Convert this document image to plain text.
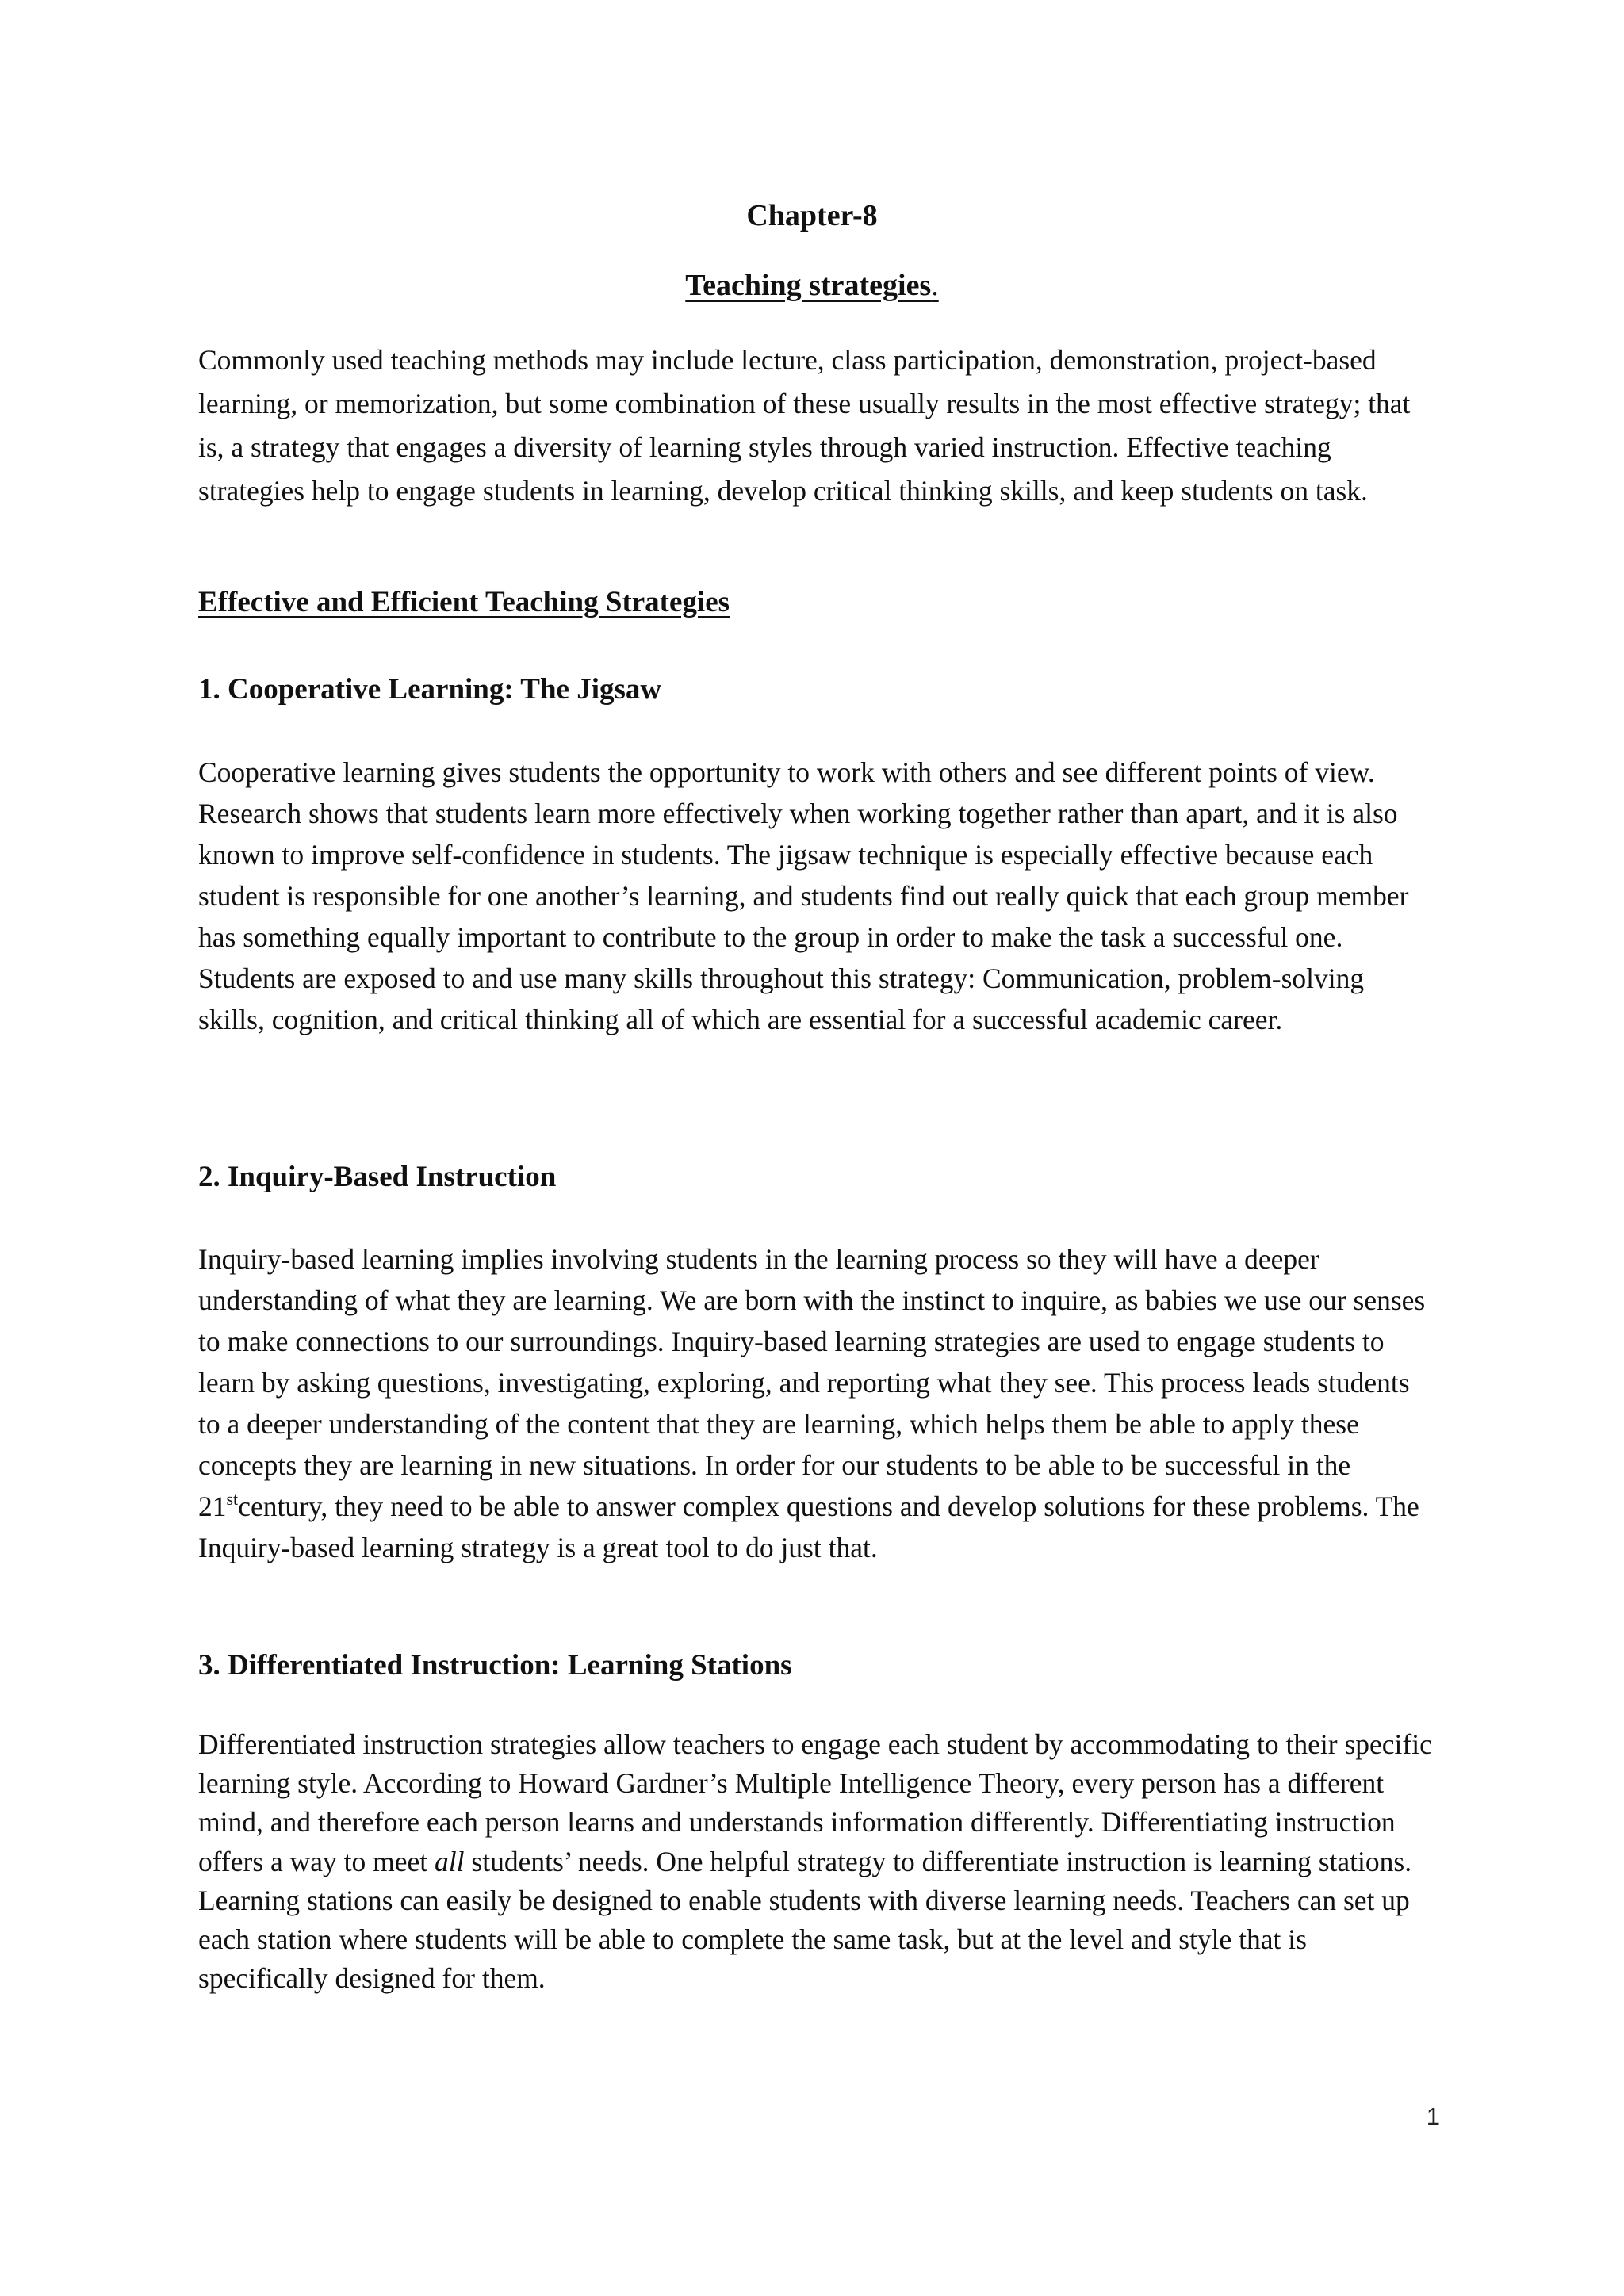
Chapter-8
Teaching strategies.

Commonly used teaching methods may include lecture, class participation, demonstration, project-based learning, or memorization, but some combination of these usually results in the most effective strategy; that is, a strategy that engages a diversity of learning styles through varied instruction. Effective teaching strategies help to engage students in learning, develop critical thinking skills, and keep students on task.

Effective and Efficient Teaching Strategies
1. Cooperative Learning: The Jigsaw

Cooperative learning gives students the opportunity to work with others and see different points of view. Research shows that students learn more effectively when working together rather than apart, and it is also known to improve self-confidence in students. The jigsaw technique is especially effective because each student is responsible for one another’s learning, and students find out really quick that each group member has something equally important to contribute to the group in order to make the task a successful one. Students are exposed to and use many skills throughout this strategy: Communication, problem-solving skills, cognition, and critical thinking all of which are essential for a successful academic career.

2. Inquiry-Based Instruction

Inquiry-based learning implies involving students in the learning process so they will have a deeper understanding of what they are learning. We are born with the instinct to inquire, as babies we use our senses to make connections to our surroundings. Inquiry-based learning strategies are used to engage students to learn by asking questions, investigating, exploring, and reporting what they see. This process leads students to a deeper understanding of the content that they are learning, which helps them be able to apply these concepts they are learning in new situations. In order for our students to be able to be successful in the 21stcentury, they need to be able to answer complex questions and develop solutions for these problems. The Inquiry-based learning strategy is a great tool to do just that.

3. Differentiated Instruction: Learning Stations

Differentiated instruction strategies allow teachers to engage each student by accommodating to their specific learning style. According to Howard Gardner’s Multiple Intelligence Theory, every person has a different mind, and therefore each person learns and understands information differently. Differentiating instruction offers a way to meet all students’ needs. One helpful strategy to differentiate instruction is learning stations. Learning stations can easily be designed to enable students with diverse learning needs. Teachers can set up each station where students will be able to complete the same task, but at the level and style that is specifically designed for them.

1
